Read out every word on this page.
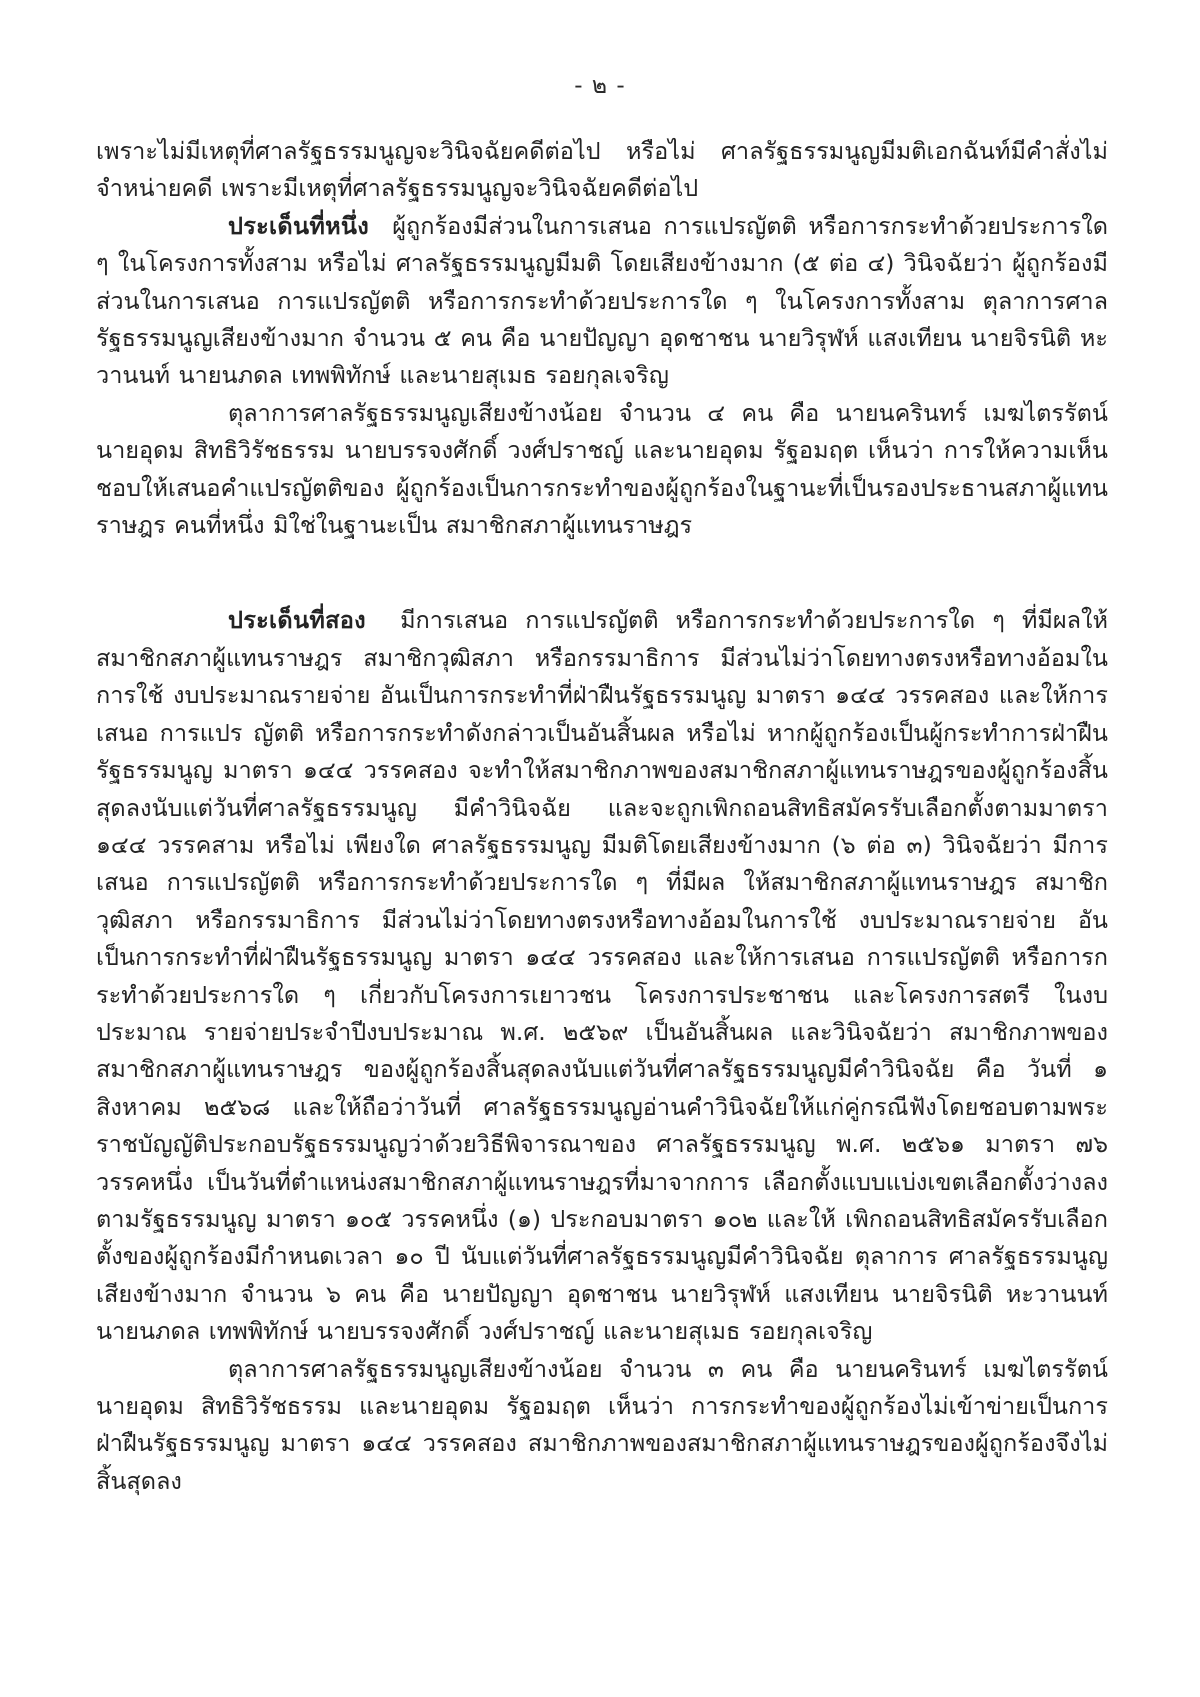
- ๒ -

เพราะไม่มีเหตุที่ศาลรัฐธรรมนูญจะวินิจฉัยคดีต่อไป หรือไม่ ศาลรัฐธรรมนูญมีมติเอกฉันท์มีคำสั่งไม่จำหน่ายคดี เพราะมีเหตุที่ศาลรัฐธรรมนูญจะวินิจฉัยคดีต่อไป

ประเด็นที่หนึ่ง ผู้ถูกร้องมีส่วนในการเสนอ การแปรญัตติ หรือการกระทำด้วยประการใด ๆ ในโครงการทั้งสาม หรือไม่ ศาลรัฐธรรมนูญมีมติ โดยเสียงข้างมาก (๕ ต่อ ๔) วินิจฉัยว่า ผู้ถูกร้องมีส่วนในการเสนอ การแปรญัตติ หรือการกระทำด้วยประการใด ๆ ในโครงการทั้งสาม ตุลาการศาลรัฐธรรมนูญเสียงข้างมาก จำนวน ๕ คน คือ นายปัญญา อุดชาชน นายวิรุฬห์ แสงเทียน นายจิรนิติ หะวานนท์ นายนภดล เทพพิทักษ์ และนายสุเมธ รอยกุลเจริญ

ตุลาการศาลรัฐธรรมนูญเสียงข้างน้อย จำนวน ๔ คน คือ นายนครินทร์ เมฆไตรรัตน์ นายอุดม สิทธิวิรัชธรรม นายบรรจงศักดิ์ วงศ์ปราชญ์ และนายอุดม รัฐอมฤต เห็นว่า การให้ความเห็นชอบให้เสนอคำแปรญัตติของ ผู้ถูกร้องเป็นการกระทำของผู้ถูกร้องในฐานะที่เป็นรองประธานสภาผู้แทนราษฎร คนที่หนึ่ง มิใช่ในฐานะเป็น สมาชิกสภาผู้แทนราษฎร

ประเด็นที่สอง มีการเสนอ การแปรญัตติ หรือการกระทำด้วยประการใด ๆ ที่มีผลให้ สมาชิกสภาผู้แทนราษฎร สมาชิกวุฒิสภา หรือกรรมาธิการ มีส่วนไม่ว่าโดยทางตรงหรือทางอ้อมในการใช้ งบประมาณรายจ่าย อันเป็นการกระทำที่ฝ่าฝืนรัฐธรรมนูญ มาตรา ๑๔๔ วรรคสอง และให้การเสนอ การแปร ญัตติ หรือการกระทำดังกล่าวเป็นอันสิ้นผล หรือไม่ หากผู้ถูกร้องเป็นผู้กระทำการฝ่าฝืนรัฐธรรมนูญ มาตรา ๑๔๔ วรรคสอง จะทำให้สมาชิกภาพของสมาชิกสภาผู้แทนราษฎรของผู้ถูกร้องสิ้นสุดลงนับแต่วันที่ศาลรัฐธรรมนูญ มีคำวินิจฉัย และจะถูกเพิกถอนสิทธิสมัครรับเลือกตั้งตามมาตรา ๑๔๔ วรรคสาม หรือไม่ เพียงใด ศาลรัฐธรรมนูญ มีมติโดยเสียงข้างมาก (๖ ต่อ ๓) วินิจฉัยว่า มีการเสนอ การแปรญัตติ หรือการกระทำด้วยประการใด ๆ ที่มีผล ให้สมาชิกสภาผู้แทนราษฎร สมาชิกวุฒิสภา หรือกรรมาธิการ มีส่วนไม่ว่าโดยทางตรงหรือทางอ้อมในการใช้ งบประมาณรายจ่าย อันเป็นการกระทำที่ฝ่าฝืนรัฐธรรมนูญ มาตรา ๑๔๔ วรรคสอง และให้การเสนอ การแปรญัตติ หรือการกระทำด้วยประการใด ๆ เกี่ยวกับโครงการเยาวชน โครงการประชาชน และโครงการสตรี ในงบประมาณ รายจ่ายประจำปีงบประมาณ พ.ศ. ๒๕๖๙ เป็นอันสิ้นผล และวินิจฉัยว่า สมาชิกภาพของสมาชิกสภาผู้แทนราษฎร ของผู้ถูกร้องสิ้นสุดลงนับแต่วันที่ศาลรัฐธรรมนูญมีคำวินิจฉัย คือ วันที่ ๑ สิงหาคม ๒๕๖๘ และให้ถือว่าวันที่ ศาลรัฐธรรมนูญอ่านคำวินิจฉัยให้แก่คู่กรณีฟังโดยชอบตามพระราชบัญญัติประกอบรัฐธรรมนูญว่าด้วยวิธีพิจารณาของ ศาลรัฐธรรมนูญ พ.ศ. ๒๕๖๑ มาตรา ๗๖ วรรคหนึ่ง เป็นวันที่ตำแหน่งสมาชิกสภาผู้แทนราษฎรที่มาจากการ เลือกตั้งแบบแบ่งเขตเลือกตั้งว่างลงตามรัฐธรรมนูญ มาตรา ๑๐๕ วรรคหนึ่ง (๑) ประกอบมาตรา ๑๐๒ และให้ เพิกถอนสิทธิสมัครรับเลือกตั้งของผู้ถูกร้องมีกำหนดเวลา ๑๐ ปี นับแต่วันที่ศาลรัฐธรรมนูญมีคำวินิจฉัย ตุลาการ ศาลรัฐธรรมนูญเสียงข้างมาก จำนวน ๖ คน คือ นายปัญญา อุดชาชน นายวิรุฬห์ แสงเทียน นายจิรนิติ หะวานนท์ นายนภดล เทพพิทักษ์ นายบรรจงศักดิ์ วงศ์ปราชญ์ และนายสุเมธ รอยกุลเจริญ

ตุลาการศาลรัฐธรรมนูญเสียงข้างน้อย จำนวน ๓ คน คือ นายนครินทร์ เมฆไตรรัตน์ นายอุดม สิทธิวิรัชธรรม และนายอุดม รัฐอมฤต เห็นว่า การกระทำของผู้ถูกร้องไม่เข้าข่ายเป็นการฝ่าฝืนรัฐธรรมนูญ มาตรา ๑๔๔ วรรคสอง สมาชิกภาพของสมาชิกสภาผู้แทนราษฎรของผู้ถูกร้องจึงไม่สิ้นสุดลง
